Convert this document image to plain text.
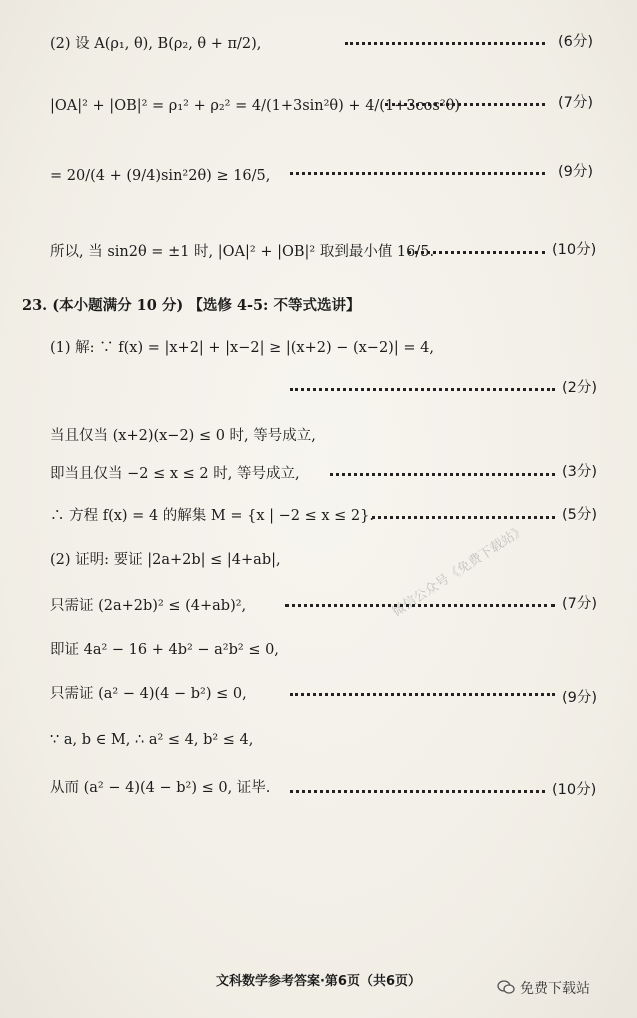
(2) 设 A(ρ₁, θ), B(ρ₂, θ + π/2),	(6分)
|OA|² + |OB|² = ρ₁² + ρ₂² = 4/(1+3sin²θ) + 4/(1+3cos²θ)	(7分)
= 20/(4 + (9/4)sin²2θ) ≥ 16/5,	(9分)
所以, 当 sin2θ = ±1 时, |OA|² + |OB|² 取到最小值 16/5.	(10分)
23. (本小题满分 10 分) 【选修 4-5: 不等式选讲】
(1) 解: ∵ f(x) = |x+2| + |x−2| ≥ |(x+2) − (x−2)| = 4,
(2分)
当且仅当 (x+2)(x−2) ≤ 0 时, 等号成立,
即当且仅当 −2 ≤ x ≤ 2 时, 等号成立,	(3分)
∴ 方程 f(x) = 4 的解集 M = {x | −2 ≤ x ≤ 2}.	(5分)
(2) 证明: 要证 |2a+2b| ≤ |4+ab|,
只需证 (2a+2b)² ≤ (4+ab)²,	(7分)
即证 4a² − 16 + 4b² − a²b² ≤ 0,
只需证 (a² − 4)(4 − b²) ≤ 0,	(9分)
∵ a, b ∈ M, ∴ a² ≤ 4, b² ≤ 4,
从而 (a² − 4)(4 − b²) ≤ 0, 证毕.	(10分)
微信公众号《免费下载站》
文科数学参考答案·第6页（共6页）	免费下载站
